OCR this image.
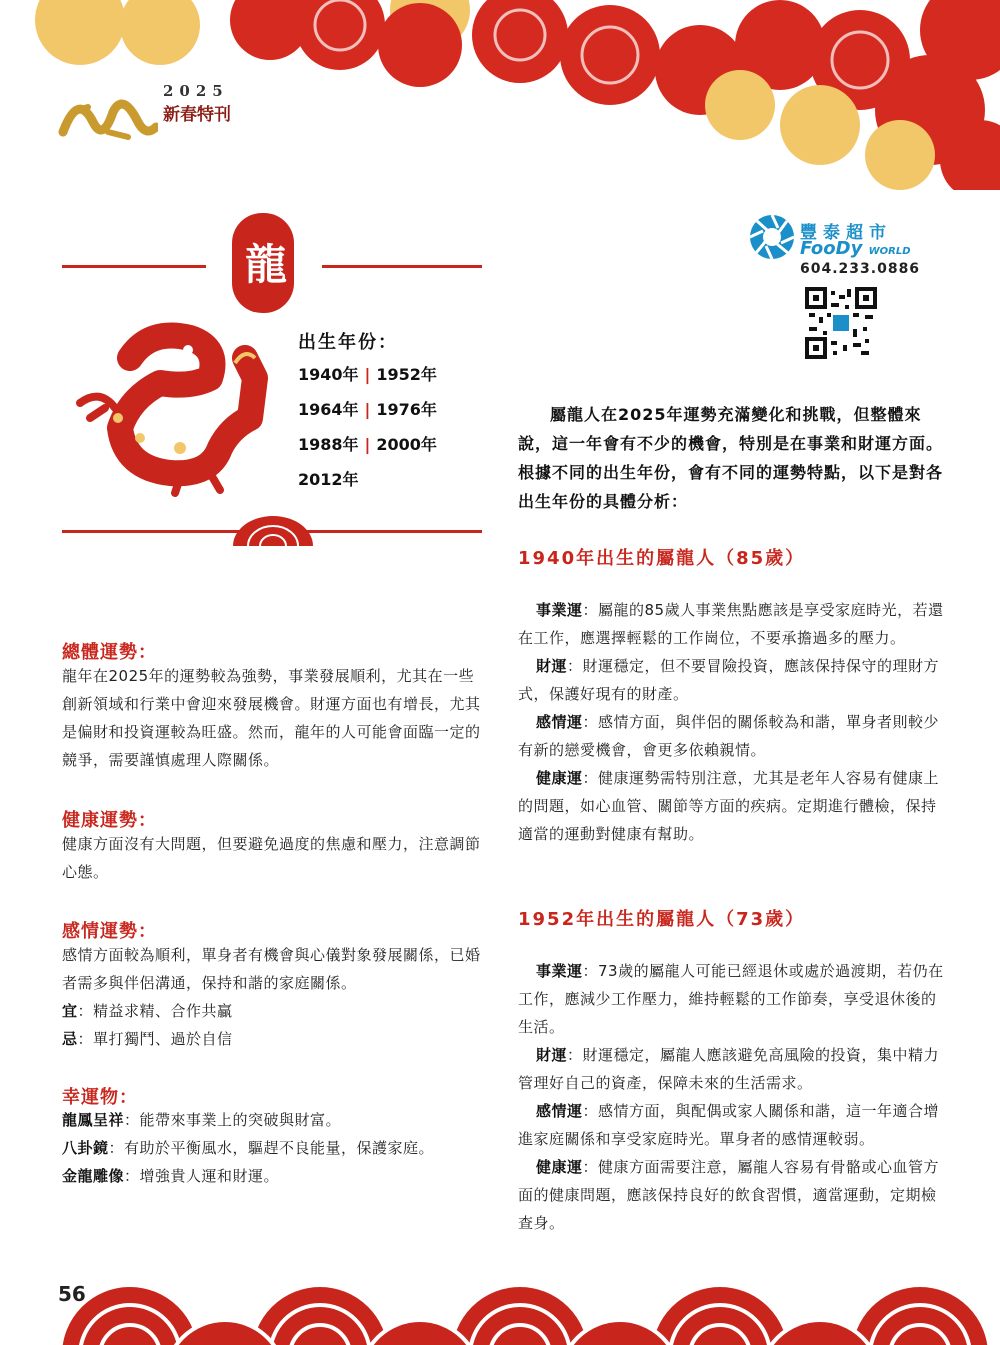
2025
新春特刊
龍
出生年份：
1940年 | 1952年
1964年 | 1976年
1988年 | 2000年
2012年
豐泰超市
FooDy WORLD
604.233.0886
總體運勢：
龍年在2025年的運勢較為強勢，事業發展順利，尤其在一些創新領域和行業中會迎來發展機會。財運方面也有增長，尤其是偏財和投資運較為旺盛。然而，龍年的人可能會面臨一定的競爭，需要謹慎處理人際關係。
健康運勢：
健康方面沒有大問題，但要避免過度的焦慮和壓力，注意調節心態。
感情運勢：
感情方面較為順利，單身者有機會與心儀對象發展關係，已婚者需多與伴侶溝通，保持和諧的家庭關係。
宜：精益求精、合作共贏
忌：單打獨鬥、過於自信
幸運物：
龍鳳呈祥：能帶來事業上的突破與財富。
八卦鏡：有助於平衡風水，驅趕不良能量，保護家庭。
金龍雕像：增強貴人運和財運。
屬龍人在2025年運勢充滿變化和挑戰，但整體來說，這一年會有不少的機會，特別是在事業和財運方面。根據不同的出生年份，會有不同的運勢特點，以下是對各出生年份的具體分析：
1940年出生的屬龍人（85歲）
事業運：屬龍的85歲人事業焦點應該是享受家庭時光，若還在工作，應選擇輕鬆的工作崗位，不要承擔過多的壓力。
財運：財運穩定，但不要冒險投資，應該保持保守的理財方式，保護好現有的財產。
感情運：感情方面，與伴侶的關係較為和諧，單身者則較少有新的戀愛機會，會更多依賴親情。
健康運：健康運勢需特別注意，尤其是老年人容易有健康上的問題，如心血管、關節等方面的疾病。定期進行體檢，保持適當的運動對健康有幫助。
1952年出生的屬龍人（73歲）
事業運：73歲的屬龍人可能已經退休或處於過渡期，若仍在工作，應減少工作壓力，維持輕鬆的工作節奏，享受退休後的生活。
財運：財運穩定，屬龍人應該避免高風險的投資，集中精力管理好自己的資產，保障未來的生活需求。
感情運：感情方面，與配偶或家人關係和諧，這一年適合增進家庭關係和享受家庭時光。單身者的感情運較弱。
健康運：健康方面需要注意，屬龍人容易有骨骼或心血管方面的健康問題，應該保持良好的飲食習慣，適當運動，定期檢查身。
56
